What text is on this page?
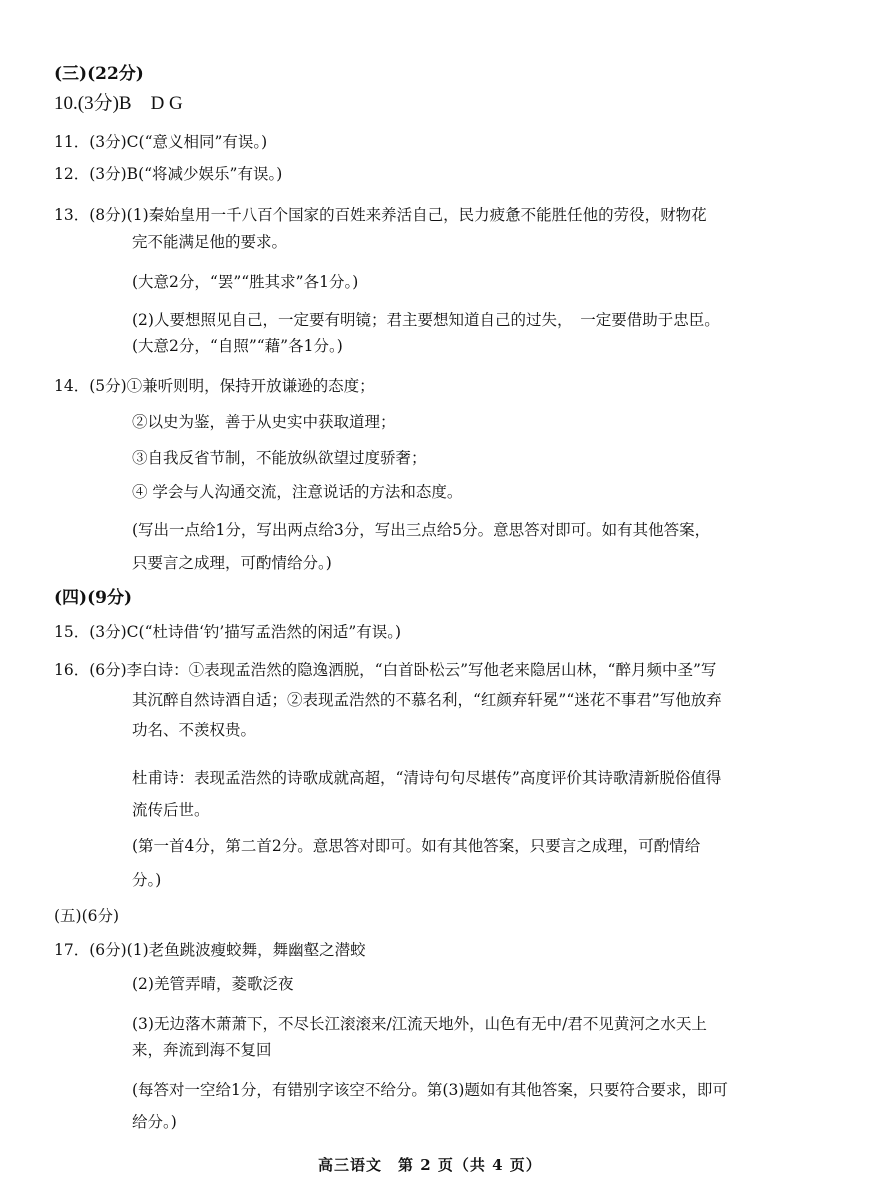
(三)(22分)
10.(3分)B　D G
11．(3分)C(“意义相同”有误。)
12．(3分)B(“将减少娱乐”有误。)
13．(8分)(1)秦始皇用一千八百个国家的百姓来养活自己，民力疲惫不能胜任他的劳役，财物花
完不能满足他的要求。
(大意2分，“罢”“胜其求”各1分。)
(2)人要想照见自己，一定要有明镜；君主要想知道自己的过失，　一定要借助于忠臣。
(大意2分，“自照”“藉”各1分。)
14．(5分)①兼听则明，保持开放谦逊的态度；
②以史为鉴，善于从史实中获取道理；
③自我反省节制，不能放纵欲望过度骄奢；
④ 学会与人沟通交流，注意说话的方法和态度。
(写出一点给1分，写出两点给3分，写出三点给5分。意思答对即可。如有其他答案，
只要言之成理，可酌情给分。)
(四)(9分)
15．(3分)C(“杜诗借‘钓’描写孟浩然的闲适”有误。)
16．(6分)李白诗：①表现孟浩然的隐逸洒脱，“白首卧松云”写他老来隐居山林，“醉月频中圣”写
其沉醉自然诗酒自适；②表现孟浩然的不慕名利，“红颜弃轩冕”“迷花不事君”写他放弃
功名、不羡权贵。
杜甫诗：表现孟浩然的诗歌成就高超，“清诗句句尽堪传”高度评价其诗歌清新脱俗值得
流传后世。
(第一首4分，第二首2分。意思答对即可。如有其他答案，只要言之成理，可酌情给
分。)
(五)(6分)
17．(6分)(1)老鱼跳波瘦蛟舞，舞幽壑之潜蛟
(2)羌管弄晴，菱歌泛夜
(3)无边落木萧萧下，不尽长江滚滚来/江流天地外，山色有无中/君不见黄河之水天上
来，奔流到海不复回
(每答对一空给1分，有错别字该空不给分。第(3)题如有其他答案，只要符合要求，即可
给分。)
高三语文　第 2 页（共 4 页）
